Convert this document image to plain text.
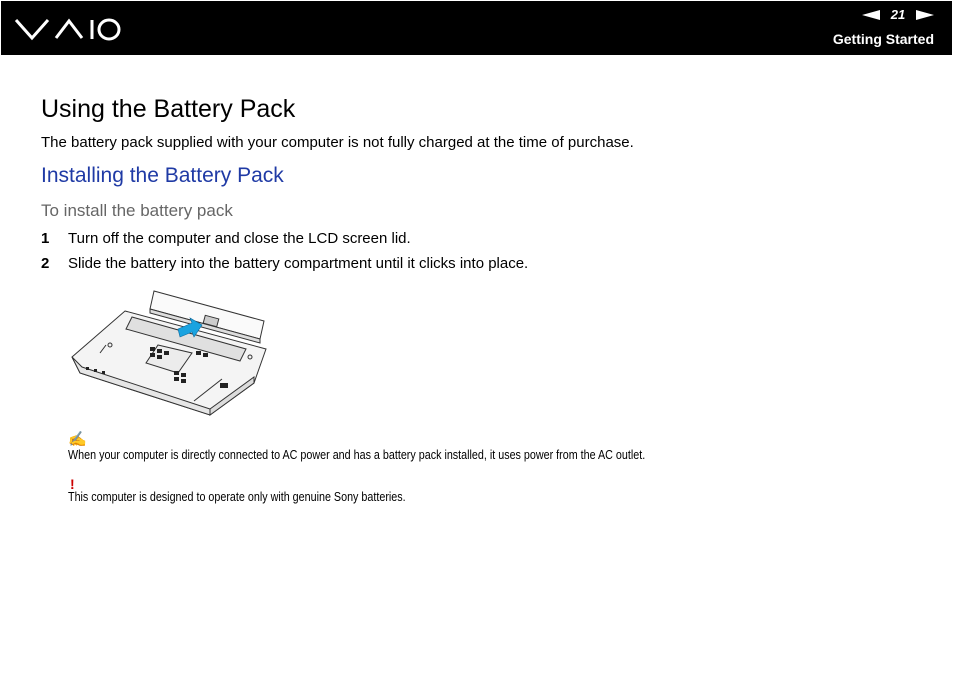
21
Getting Started
Using the Battery Pack

The battery pack supplied with your computer is not fully charged at the time of purchase.

Installing the Battery Pack
To install the battery pack
1	Turn off the computer and close the LCD screen lid.
2	Slide the battery into the battery compartment until it clicks into place.
✍
When your computer is directly connected to AC power and has a battery pack installed, it uses power from the AC outlet.
!
This computer is designed to operate only with genuine Sony batteries.
